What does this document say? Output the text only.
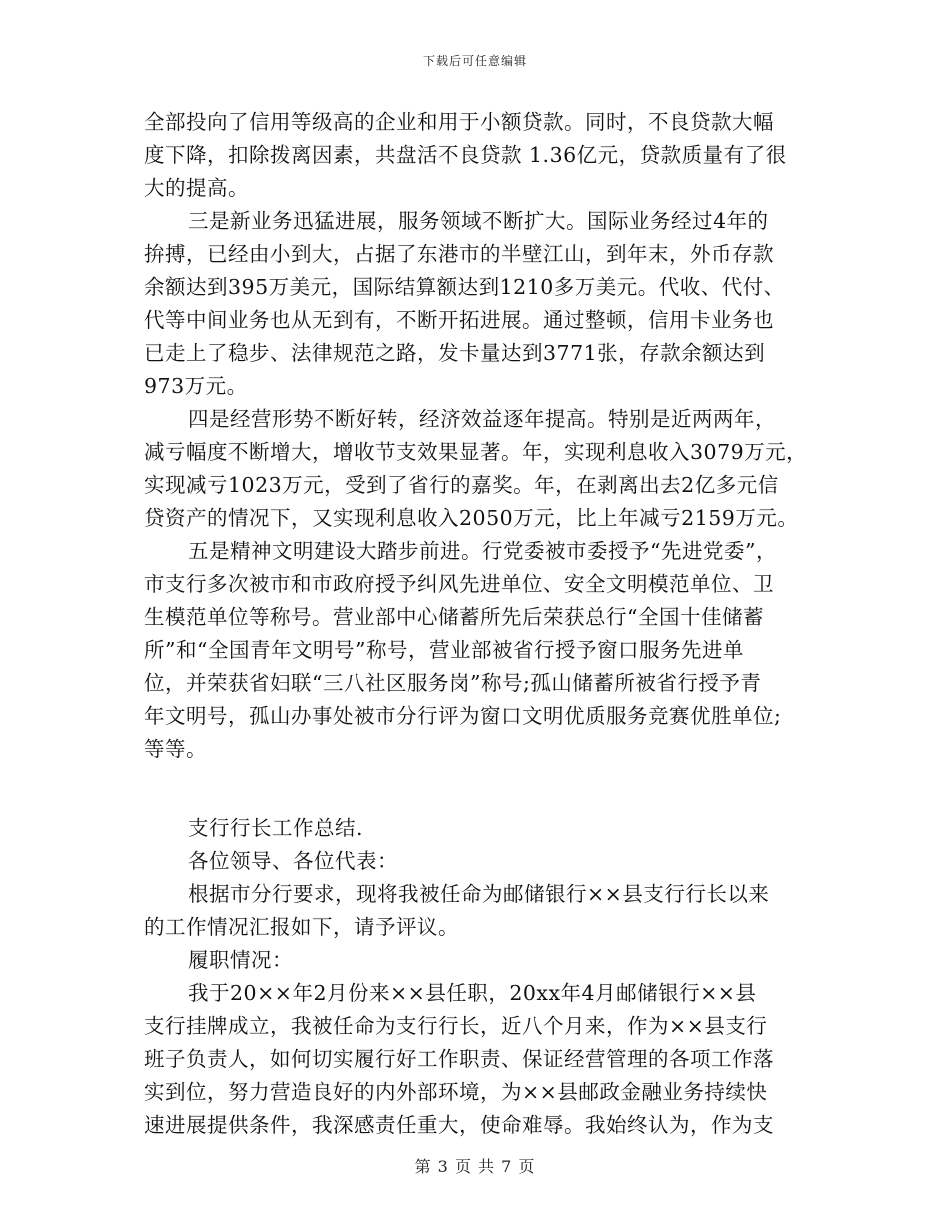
下载后可任意编辑
全部投向了信用等级高的企业和用于小额贷款。同时，不良贷款大幅
度下降，扣除拨离因素，共盘活不良贷款 1.36亿元，贷款质量有了很
大的提高。
三是新业务迅猛进展，服务领域不断扩大。国际业务经过4年的
拚搏，已经由小到大，占据了东港市的半壁江山，到年末，外币存款
余额达到395万美元，国际结算额达到1210多万美元。代收、代付、
代等中间业务也从无到有，不断开拓进展。通过整顿，信用卡业务也
已走上了稳步、法律规范之路，发卡量达到3771张，存款余额达到
973万元。
四是经营形势不断好转，经济效益逐年提高。特别是近两两年，
减亏幅度不断增大，增收节支效果显著。年，实现利息收入3079万元，
实现减亏1023万元，受到了省行的嘉奖。年，在剥离出去2亿多元信
贷资产的情况下，又实现利息收入2050万元，比上年减亏2159万元。
五是精神文明建设大踏步前进。行党委被市委授予“先进党委”，
市支行多次被市和市政府授予纠风先进单位、安全文明模范单位、卫
生模范单位等称号。营业部中心储蓄所先后荣获总行“全国十佳储蓄
所”和“全国青年文明号”称号，营业部被省行授予窗口服务先进单
位，并荣获省妇联“三八社区服务岗”称号;孤山储蓄所被省行授予青
年文明号，孤山办事处被市分行评为窗口文明优质服务竞赛优胜单位;
等等。
支行行长工作总结.
各位领导、各位代表：
根据市分行要求，现将我被任命为邮储银行××县支行行长以来
的工作情况汇报如下，请予评议。
履职情况：
我于20××年2月份来××县任职，20xx年4月邮储银行××县
支行挂牌成立，我被任命为支行行长，近八个月来，作为××县支行
班子负责人，如何切实履行好工作职责、保证经营管理的各项工作落
实到位，努力营造良好的内外部环境，为××县邮政金融业务持续快
速进展提供条件，我深感责任重大，使命难辱。我始终认为，作为支
第 3 页 共 7 页
